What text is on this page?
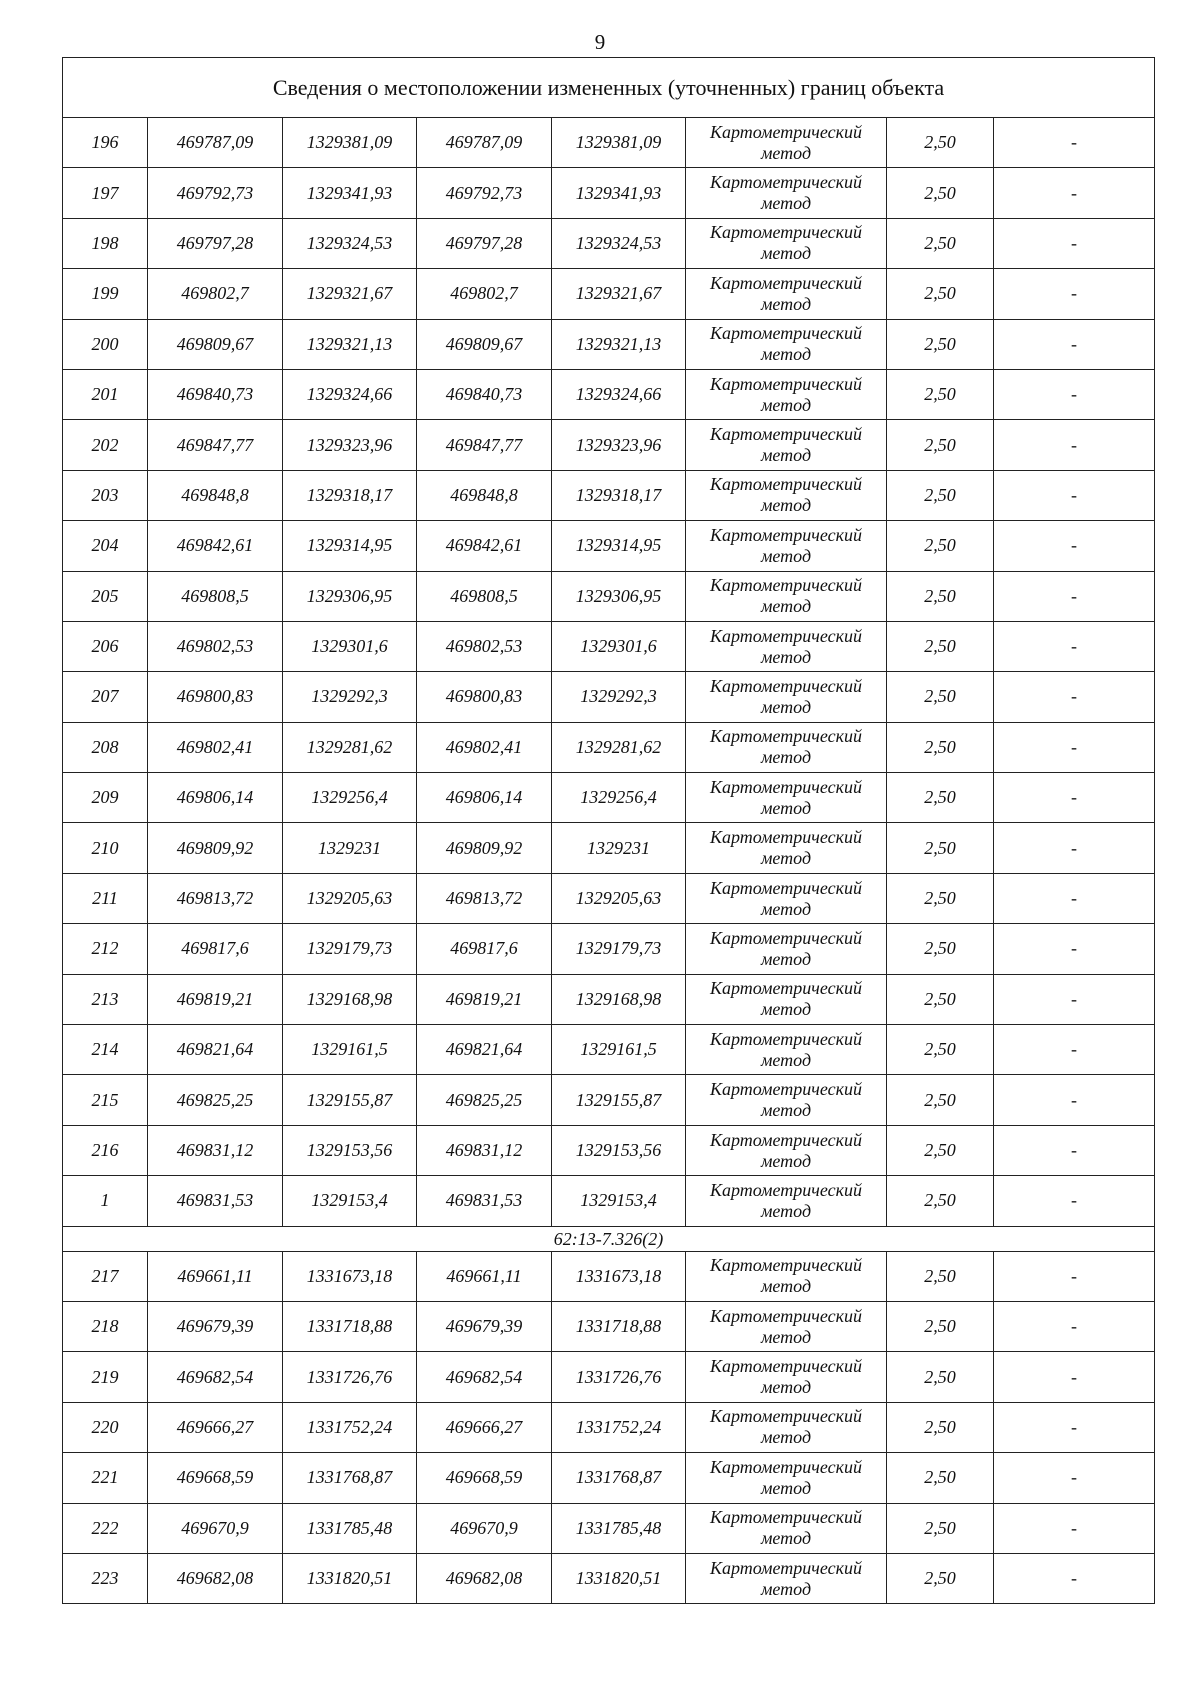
9
Сведения о местоположении измененных (уточненных) границ объекта							
196	469787,09	1329381,09	469787,09	1329381,09	Картометрический
метод	2,50	-
197	469792,73	1329341,93	469792,73	1329341,93	Картометрический
метод	2,50	-
198	469797,28	1329324,53	469797,28	1329324,53	Картометрический
метод	2,50	-
199	469802,7	1329321,67	469802,7	1329321,67	Картометрический
метод	2,50	-
200	469809,67	1329321,13	469809,67	1329321,13	Картометрический
метод	2,50	-
201	469840,73	1329324,66	469840,73	1329324,66	Картометрический
метод	2,50	-
202	469847,77	1329323,96	469847,77	1329323,96	Картометрический
метод	2,50	-
203	469848,8	1329318,17	469848,8	1329318,17	Картометрический
метод	2,50	-
204	469842,61	1329314,95	469842,61	1329314,95	Картометрический
метод	2,50	-
205	469808,5	1329306,95	469808,5	1329306,95	Картометрический
метод	2,50	-
206	469802,53	1329301,6	469802,53	1329301,6	Картометрический
метод	2,50	-
207	469800,83	1329292,3	469800,83	1329292,3	Картометрический
метод	2,50	-
208	469802,41	1329281,62	469802,41	1329281,62	Картометрический
метод	2,50	-
209	469806,14	1329256,4	469806,14	1329256,4	Картометрический
метод	2,50	-
210	469809,92	1329231	469809,92	1329231	Картометрический
метод	2,50	-
211	469813,72	1329205,63	469813,72	1329205,63	Картометрический
метод	2,50	-
212	469817,6	1329179,73	469817,6	1329179,73	Картометрический
метод	2,50	-
213	469819,21	1329168,98	469819,21	1329168,98	Картометрический
метод	2,50	-
214	469821,64	1329161,5	469821,64	1329161,5	Картометрический
метод	2,50	-
215	469825,25	1329155,87	469825,25	1329155,87	Картометрический
метод	2,50	-
216	469831,12	1329153,56	469831,12	1329153,56	Картометрический
метод	2,50	-
1	469831,53	1329153,4	469831,53	1329153,4	Картометрический
метод	2,50	-
62:13-7.326(2)							
217	469661,11	1331673,18	469661,11	1331673,18	Картометрический
метод	2,50	-
218	469679,39	1331718,88	469679,39	1331718,88	Картометрический
метод	2,50	-
219	469682,54	1331726,76	469682,54	1331726,76	Картометрический
метод	2,50	-
220	469666,27	1331752,24	469666,27	1331752,24	Картометрический
метод	2,50	-
221	469668,59	1331768,87	469668,59	1331768,87	Картометрический
метод	2,50	-
222	469670,9	1331785,48	469670,9	1331785,48	Картометрический
метод	2,50	-
223	469682,08	1331820,51	469682,08	1331820,51	Картометрический
метод	2,50	-
